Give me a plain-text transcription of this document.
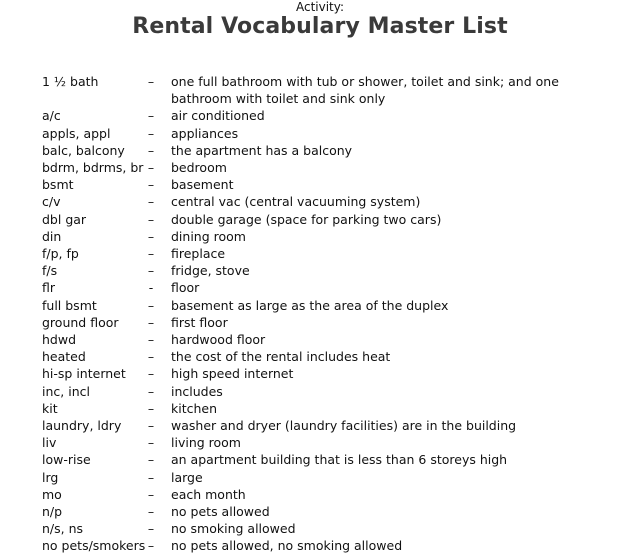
Activity:
Rental Vocabulary Master List
1 ½ bath	–	one full bathroom with tub or shower, toilet and sink; and one bathroom with toilet and sink only
a/c	–	air conditioned
appls, appl	–	appliances
balc, balcony	–	the apartment has a balcony
bdrm, bdrms, br –	bedroom
bsmt	–	basement
c/v	–	central vac (central vacuuming system)
dbl gar	–	double garage (space for parking two cars)
din	–	dining room
f/p, fp	–	fireplace
f/s	–	fridge, stove
flr	-	floor
full bsmt	–	basement as large as the area of the duplex
ground floor	–	first floor
hdwd	–	hardwood floor
heated	–	the cost of the rental includes heat
hi-sp internet	–	high speed internet
inc, incl	–	includes
kit	–	kitchen
laundry, ldry	–	washer and dryer (laundry facilities) are in the building
liv	–	living room
low-rise	–	an apartment building that is less than 6 storeys high
lrg	–	large
mo	–	each month
n/p	–	no pets allowed
n/s, ns	–	no smoking allowed
no pets/smokers –	no pets allowed, no smoking allowed
